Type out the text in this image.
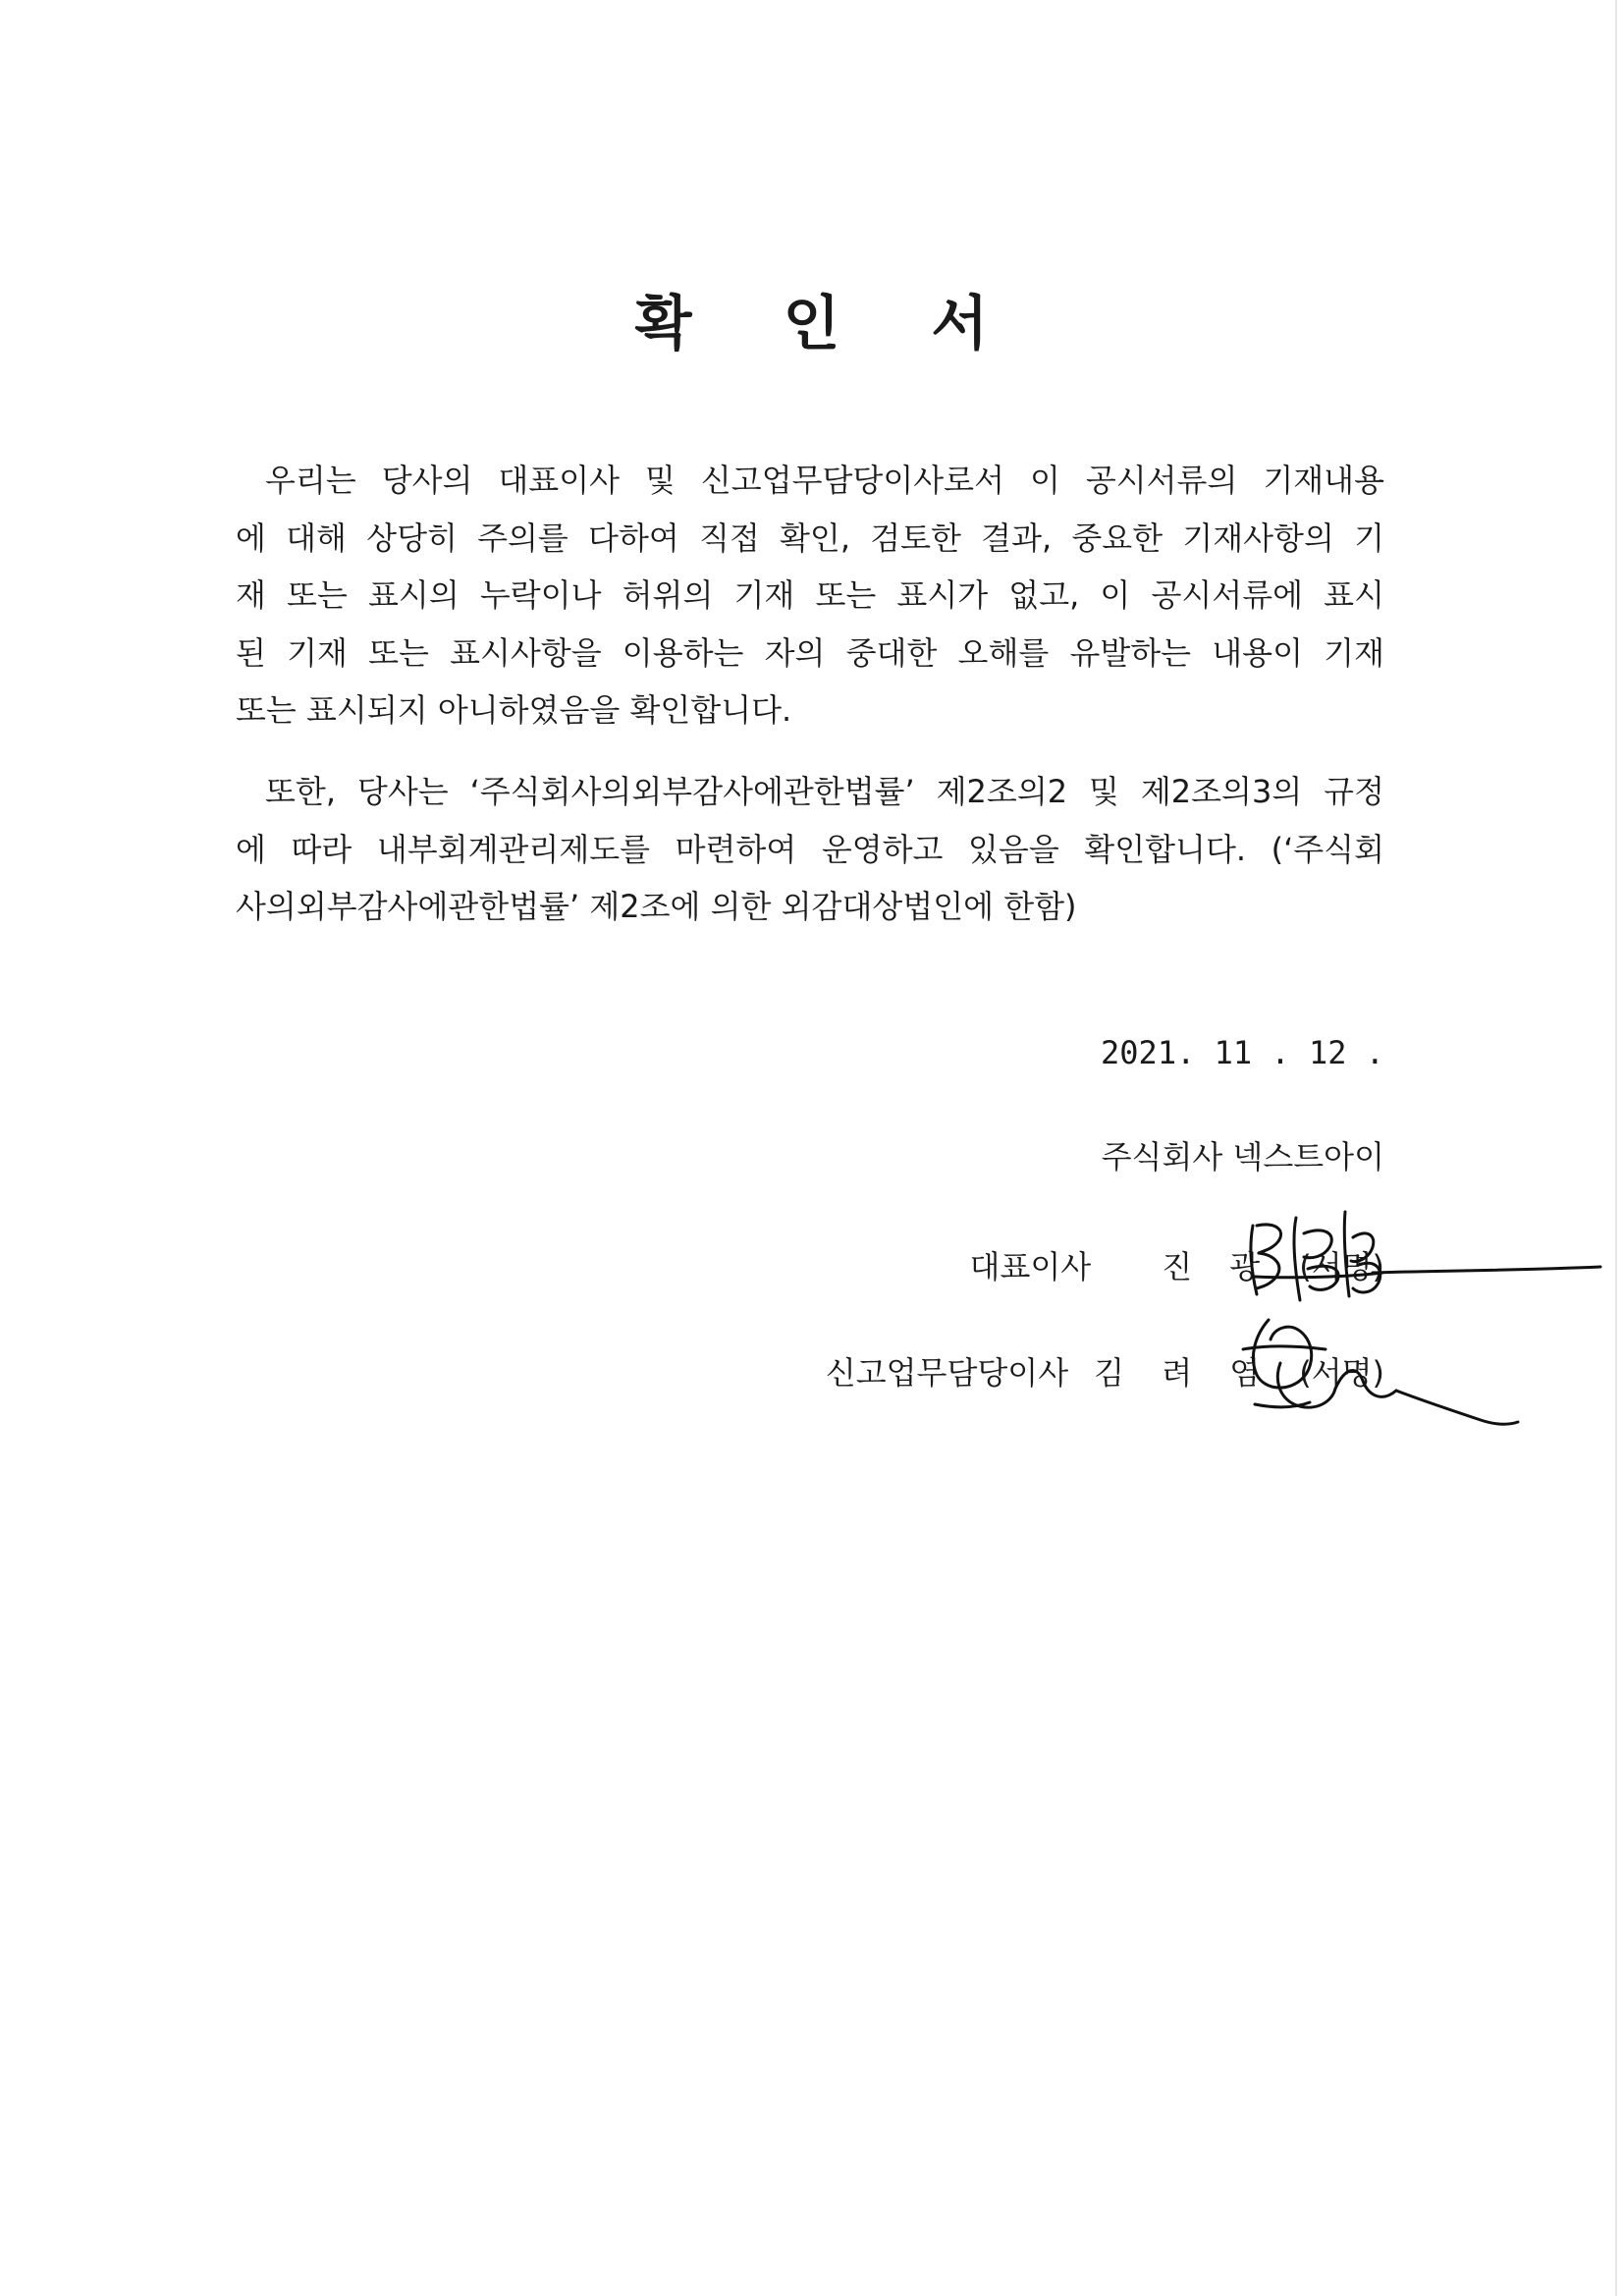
확 인 서
우리는 당사의 대표이사 및 신고업무담당이사로서 이 공시서류의 기재내용
에 대해 상당히 주의를 다하여 직접 확인, 검토한 결과, 중요한 기재사항의 기
재 또는 표시의 누락이나 허위의 기재 또는 표시가 없고, 이 공시서류에 표시
된 기재 또는 표시사항을 이용하는 자의 중대한 오해를 유발하는 내용이 기재
또는 표시되지 아니하였음을 확인합니다.
또한, 당사는 ‘주식회사의외부감사에관한법률’ 제2조의2 및 제2조의3의 규정
에 따라 내부회계관리제도를 마련하여 운영하고 있음을 확인합니다. (‘주식회
사의외부감사에관한법률’ 제2조에 의한 외감대상법인에 한함)
2021. 11 . 12 .
주식회사 넥스트아이
대표이사 진 광 (서명)
신고업무담당이사 김 려 염 (서명)
